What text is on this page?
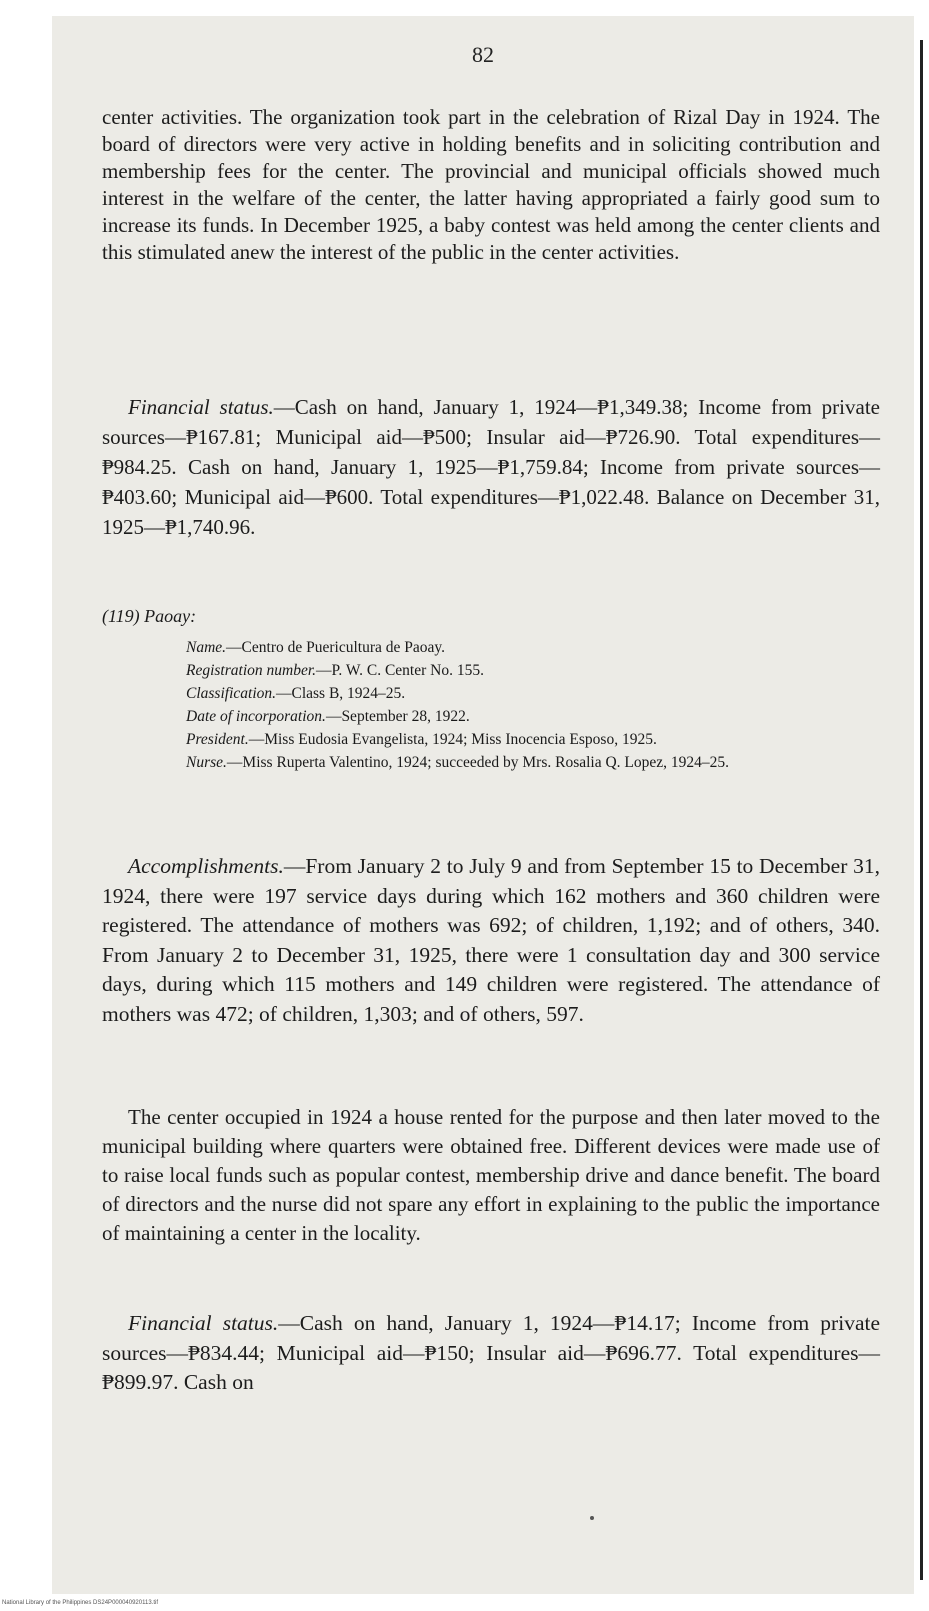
82
center activities. The organization took part in the celebration of Rizal Day in 1924. The board of directors were very active in holding benefits and in soliciting contribution and membership fees for the center. The provincial and municipal officials showed much interest in the welfare of the center, the latter having appropriated a fairly good sum to increase its funds. In December 1925, a baby contest was held among the center clients and this stimulated anew the interest of the public in the center activities.
Financial status.—Cash on hand, January 1, 1924—₱1,349.38; Income from private sources—₱167.81; Municipal aid—₱500; Insular aid—₱726.90. Total expenditures—₱984.25. Cash on hand, January 1, 1925—₱1,759.84; Income from private sources—₱403.60; Municipal aid—₱600. Total expenditures—₱1,022.48. Balance on December 31, 1925—₱1,740.96.
(119) Paoay:
Name.—Centro de Puericultura de Paoay.
Registration number.—P. W. C. Center No. 155.
Classification.—Class B, 1924–25.
Date of incorporation.—September 28, 1922.
President.—Miss Eudosia Evangelista, 1924; Miss Inocencia Esposo, 1925.
Nurse.—Miss Ruperta Valentino, 1924; succeeded by Mrs. Rosalia Q. Lopez, 1924–25.
Accomplishments.—From January 2 to July 9 and from September 15 to December 31, 1924, there were 197 service days during which 162 mothers and 360 children were registered. The attendance of mothers was 692; of children, 1,192; and of others, 340. From January 2 to December 31, 1925, there were 1 consultation day and 300 service days, during which 115 mothers and 149 children were registered. The attendance of mothers was 472; of children, 1,303; and of others, 597.
The center occupied in 1924 a house rented for the purpose and then later moved to the municipal building where quarters were obtained free. Different devices were made use of to raise local funds such as popular contest, membership drive and dance benefit. The board of directors and the nurse did not spare any effort in explaining to the public the importance of maintaining a center in the locality.
Financial status.—Cash on hand, January 1, 1924—₱14.17; Income from private sources—₱834.44; Municipal aid—₱150; Insular aid—₱696.77. Total expenditures—₱899.97. Cash on
National Library of the Philippines DS24P000040920113.tif
